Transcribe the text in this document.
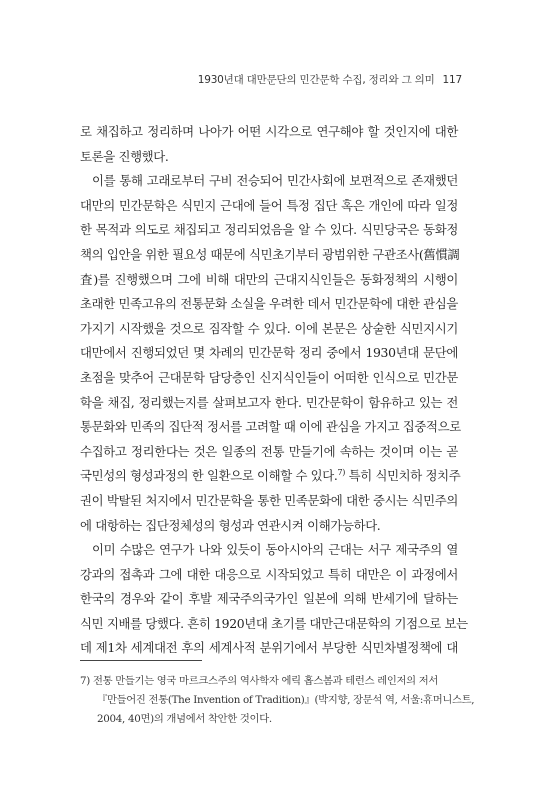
1930년대 대만문단의 민간문학 수집, 정리와 그 의미 117
로 채집하고 정리하며 나아가 어떤 시각으로 연구해야 할 것인지에 대한
토론을 진행했다.
이를 통해 고래로부터 구비 전승되어 민간사회에 보편적으로 존재했던
대만의 민간문학은 식민지 근대에 들어 특정 집단 혹은 개인에 따라 일정
한 목적과 의도로 채집되고 정리되었음을 알 수 있다. 식민당국은 동화정
책의 입안을 위한 필요성 때문에 식민초기부터 광범위한 구관조사(舊慣調
査)를 진행했으며 그에 비해 대만의 근대지식인들은 동화정책의 시행이
초래한 민족고유의 전통문화 소실을 우려한 데서 민간문학에 대한 관심을
가지기 시작했을 것으로 짐작할 수 있다. 이에 본문은 상술한 식민지시기
대만에서 진행되었던 몇 차례의 민간문학 정리 중에서 1930년대 문단에
초점을 맞추어 근대문학 담당층인 신지식인들이 어떠한 인식으로 민간문
학을 채집, 정리했는지를 살펴보고자 한다. 민간문학이 함유하고 있는 전
통문화와 민족의 집단적 정서를 고려할 때 이에 관심을 가지고 집중적으로
수집하고 정리한다는 것은 일종의 전통 만들기에 속하는 것이며 이는 곧
국민성의 형성과정의 한 일환으로 이해할 수 있다.$^{7)}$ 특히 식민치하 정치주
권이 박탈된 처지에서 민간문학을 통한 민족문화에 대한 중시는 식민주의
에 대항하는 집단정체성의 형성과 연관시켜 이해가능하다.
이미 수많은 연구가 나와 있듯이 동아시아의 근대는 서구 제국주의 열
강과의 접촉과 그에 대한 대응으로 시작되었고 특히 대만은 이 과정에서
한국의 경우와 같이 후발 제국주의국가인 일본에 의해 반세기에 달하는
식민 지배를 당했다. 흔히 1920년대 초기를 대만근대문학의 기점으로 보는
데 제1차 세계대전 후의 세계사적 분위기에서 부당한 식민차별정책에 대
7) 전통 만들기는 영국 마르크스주의 역사학자 에릭 홉스봄과 테런스 레인저의 저서
『만들어진 전통(The Invention of Tradition)』(박지향, 장문석 역, 서울:휴머니스트,
2004, 40면)의 개념에서 착안한 것이다.
